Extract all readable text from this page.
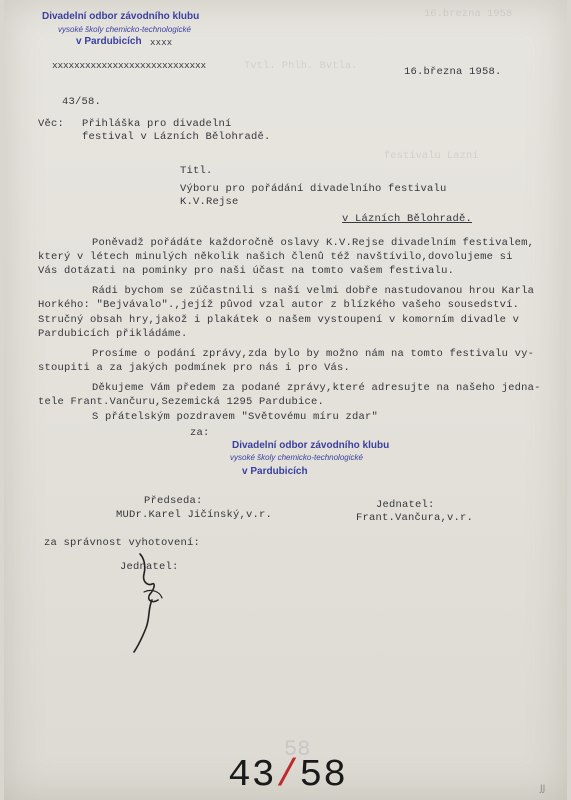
Tvtl. Phlh. Bvtla.
16.brezna 1958
festivalu Lazni
Divadelní odbor závodního klubu
vysoké školy chemicko-technologické
v Pardubicích xxxx
xxxxxxxxxxxxxxxxxxxxxxxxxxxx
16.března 1958.
43/58.
Věc: Přihláška pro divadelní
festival v Lázních Bělohradě.
Titl.
Výboru pro pořádání divadelního festivalu
K.V.Rejse
v Lázních Bělohradě.
Poněvadž pořádáte každoročně oslavy K.V.Rejse divadelním festivalem,
který v létech minulých několik našich členů též navštívilo,dovolujeme si
Vás dotázati na pominky pro naši účast na tomto vašem festivalu.
Rádi bychom se zúčastnili s naší velmi dobře nastudovanou hrou Karla
Horkého: "Bejvávalo".,jejíž původ vzal autor z blízkého vašeho sousedství.
Stručný obsah hry,jakož i plakátek o našem vystoupení v komorním divadle v
Pardubicích přikládáme.
Prosíme o podání zprávy,zda bylo by možno nám na tomto festivalu vy-
stoupiti a za jakých podmínek pro nás i pro Vás.
Děkujeme Vám předem za podané zprávy,které adresujte na našeho jedna-
tele Frant.Vančuru,Sezemická 1295 Pardubice.
S přátelským pozdravem "Světovému míru zdar"
za:
Divadelní odbor závodního klubu
vysoké školy chemicko-technologické
v Pardubicích
Předseda:
MUDr.Karel Jičínský,v.r.
Jednatel:
Frant.Vančura,v.r.
za správnost vyhotovení:
Jednatel:
58
43/58	JJ
